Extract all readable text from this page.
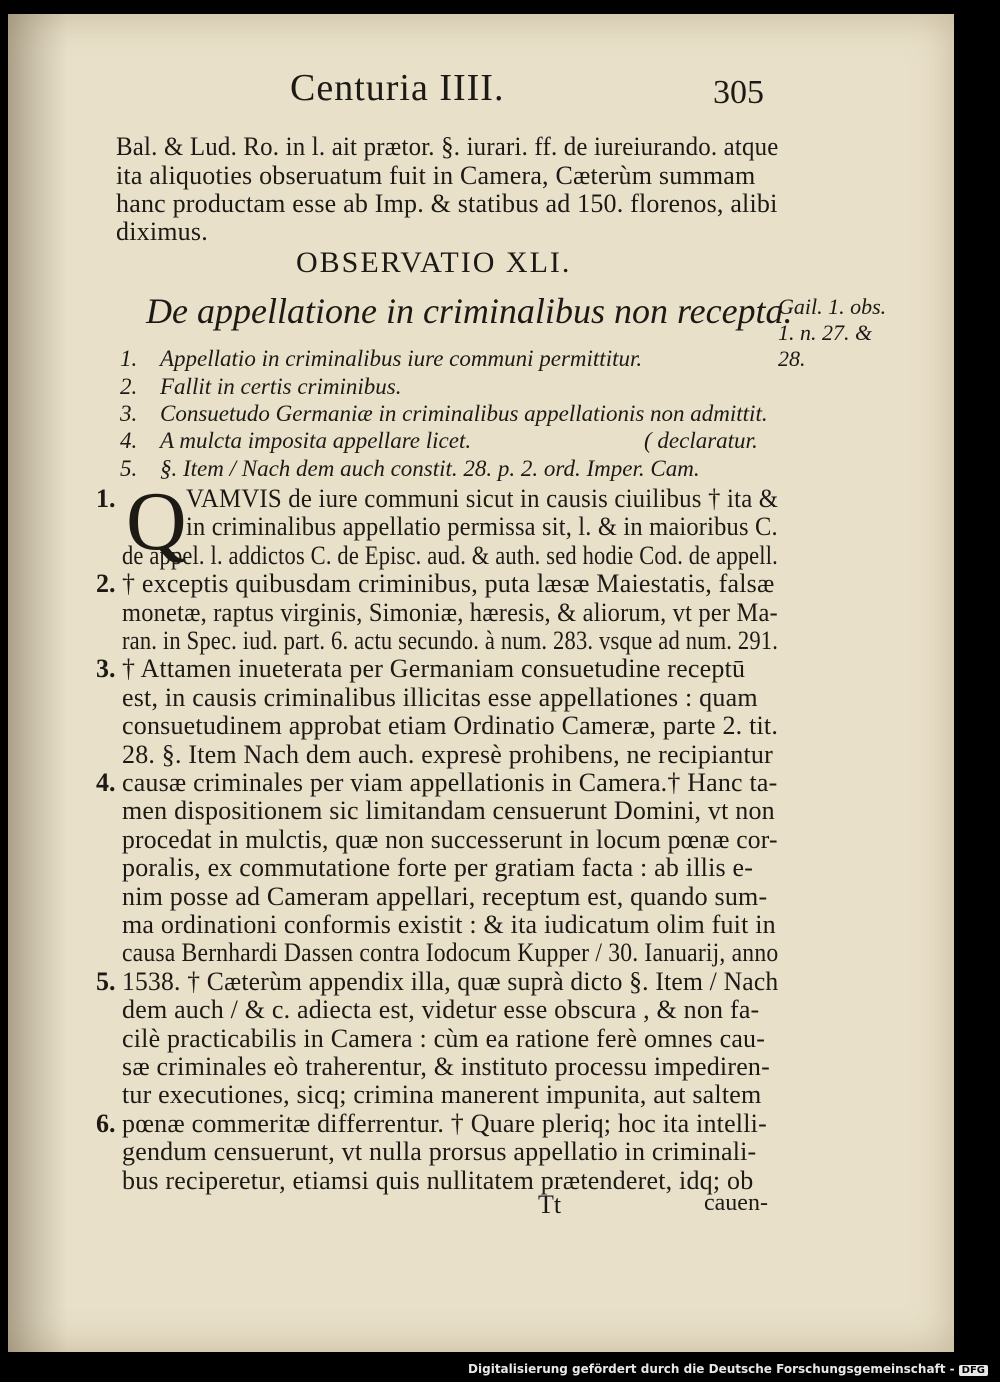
Centuria IIII.	305
Bal. & Lud. Ro. in l. ait prætor. §. iurari. ff. de iureiurando. atque
ita aliquoties obseruatum fuit in Camera, Cæterùm summam
hanc productam esse ab Imp. & statibus ad 150. florenos, alibi
diximus.
OBSERVATIO XLI.
De appellatione in criminalibus non recepta.
Gail. 1. obs.
1. n. 27. &
28.
1. Appellatio in criminalibus iure communi permittitur.
2. Fallit in certis criminibus.
3. Consuetudo Germaniæ in criminalibus appellationis non admittit.
4. A mulcta imposita appellare licet.	( declaratur.
5. §. Item / Nach dem auch constit. 28. p. 2. ord. Imper. Cam.
Q
1.	VAMVIS de iure communi sicut in causis ciuilibus † ita &
in criminalibus appellatio permissa sit, l. & in maioribus C.
de appel. l. addictos C. de Episc. aud. & auth. sed hodie Cod. de appell.
2. † exceptis quibusdam criminibus, puta læsæ Maiestatis, falsæ
monetæ, raptus virginis, Simoniæ, hæresis, & aliorum, vt per Ma-
ran. in Spec. iud. part. 6. actu secundo. à num. 283. vsque ad num. 291.
3. † Attamen inueterata per Germaniam consuetudine receptū
est, in causis criminalibus illicitas esse appellationes : quam
consuetudinem approbat etiam Ordinatio Cameræ, parte 2. tit.
28. §. Item Nach dem auch. expresè prohibens, ne recipiantur
4. causæ criminales per viam appellationis in Camera.† Hanc ta-
men dispositionem sic limitandam censuerunt Domini, vt non
procedat in mulctis, quæ non successerunt in locum pœnæ cor-
poralis, ex commutatione forte per gratiam facta : ab illis e-
nim posse ad Cameram appellari, receptum est, quando sum-
ma ordinationi conformis existit : & ita iudicatum olim fuit in
causa Bernhardi Dassen contra Iodocum Kupper / 30. Ianuarij, anno
5. 1538. † Cæterùm appendix illa, quæ suprà dicto §. Item / Nach
dem auch / & c. adiecta est, videtur esse obscura , & non fa-
cilè practicabilis in Camera : cùm ea ratione ferè omnes cau-
sæ criminales eò traherentur, & instituto processu impediren-
tur executiones, sicq; crimina manerent impunita, aut saltem
6. pœnæ commeritæ differrentur. † Quare pleriq; hoc ita intelli-
gendum censuerunt, vt nulla prorsus appellatio in criminali-
bus reciperetur, etiamsi quis nullitatem prætenderet, idq; ob
Tt	cauen-
Digitalisierung gefördert durch die Deutsche Forschungsgemeinschaft - DFG
